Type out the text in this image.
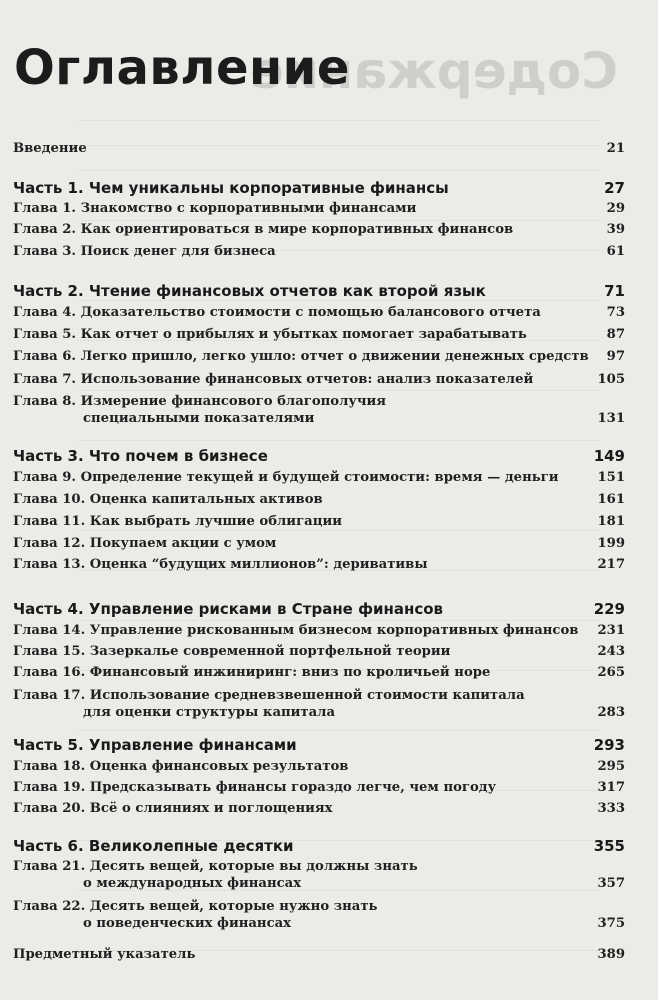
Содержание
Оглавление
Введение	21
Часть 1. Чем уникальны корпоративные финансы	27
Глава 1. Знакомство с корпоративными финансами	29
Глава 2. Как ориентироваться в мире корпоративных финансов	39
Глава 3. Поиск денег для бизнеса	61
Часть 2. Чтение финансовых отчетов как второй язык	71
Глава 4. Доказательство стоимости с помощью балансового отчета	73
Глава 5. Как отчет о прибылях и убытках помогает зарабатывать	87
Глава 6. Легко пришло, легко ушло: отчет о движении денежных средств	97
Глава 7. Использование финансовых отчетов: анализ показателей	105
Глава 8. Измерение финансового благополучия
специальными показателями	131
Часть 3. Что почем в бизнесе	149
Глава 9. Определение текущей и будущей стоимости: время — деньги	151
Глава 10. Оценка капитальных активов	161
Глава 11. Как выбрать лучшие облигации	181
Глава 12. Покупаем акции с умом	199
Глава 13. Оценка “будущих миллионов”: деривативы	217
Часть 4. Управление рисками в Стране финансов	229
Глава 14. Управление рискованным бизнесом корпоративных финансов	231
Глава 15. Зазеркалье современной портфельной теории	243
Глава 16. Финансовый инжиниринг: вниз по кроличьей норе	265
Глава 17. Использование средневзвешенной стоимости капитала
для оценки структуры капитала	283
Часть 5. Управление финансами	293
Глава 18. Оценка финансовых результатов	295
Глава 19. Предсказывать финансы гораздо легче, чем погоду	317
Глава 20. Всё о слияниях и поглощениях	333
Часть 6. Великолепные десятки	355
Глава 21. Десять вещей, которые вы должны знать
о международных финансах	357
Глава 22. Десять вещей, которые нужно знать
о поведенческих финансах	375
Предметный указатель	389
